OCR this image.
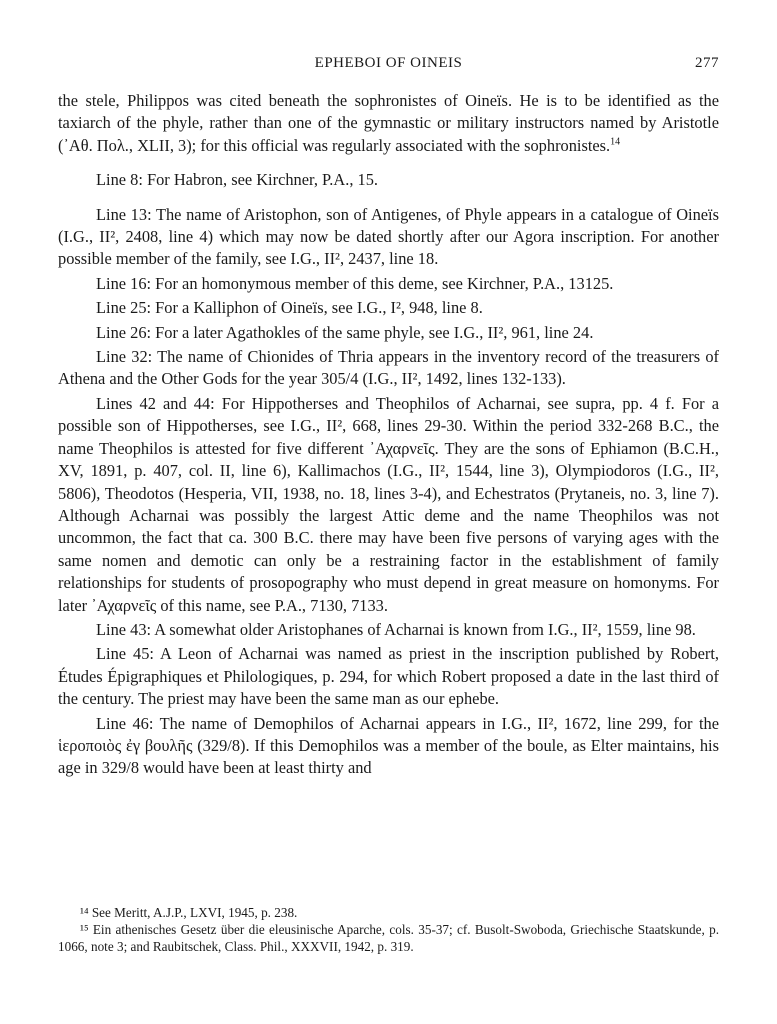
EPHEBOI OF OINEIS	277

the stele, Philippos was cited beneath the sophronistes of Oineïs. He is to be identified as the taxiarch of the phyle, rather than one of the gymnastic or military instructors named by Aristotle (᾿Αθ. Πολ., XLII, 3); for this official was regularly associated with the sophronistes.$^{14}$

Line 8: For Habron, see Kirchner, P.A., 15.

Line 13: The name of Aristophon, son of Antigenes, of Phyle appears in a catalogue of Oineïs (I.G., II², 2408, line 4) which may now be dated shortly after our Agora inscription. For another possible member of the family, see I.G., II², 2437, line 18.

Line 16: For an homonymous member of this deme, see Kirchner, P.A., 13125.

Line 25: For a Kalliphon of Oineïs, see I.G., I², 948, line 8.

Line 26: For a later Agathokles of the same phyle, see I.G., II², 961, line 24.

Line 32: The name of Chionides of Thria appears in the inventory record of the treasurers of Athena and the Other Gods for the year 305/4 (I.G., II², 1492, lines 132-133).

Lines 42 and 44: For Hippotherses and Theophilos of Acharnai, see supra, pp. 4 f. For a possible son of Hippotherses, see I.G., II², 668, lines 29-30. Within the period 332-268 B.C., the name Theophilos is attested for five different ᾿Αχαρνεῖς. They are the sons of Ephiamon (B.C.H., XV, 1891, p. 407, col. II, line 6), Kallimachos (I.G., II², 1544, line 3), Olympiodoros (I.G., II², 5806), Theodotos (Hesperia, VII, 1938, no. 18, lines 3-4), and Echestratos (Prytaneis, no. 3, line 7). Although Acharnai was possibly the largest Attic deme and the name Theophilos was not uncommon, the fact that ca. 300 B.C. there may have been five persons of varying ages with the same nomen and demotic can only be a restraining factor in the establishment of family relationships for students of prosopography who must depend in great measure on homonyms. For later ᾿Αχαρνεῖς of this name, see P.A., 7130, 7133.

Line 43: A somewhat older Aristophanes of Acharnai is known from I.G., II², 1559, line 98.

Line 45: A Leon of Acharnai was named as priest in the inscription published by Robert, Études Épigraphiques et Philologiques, p. 294, for which Robert proposed a date in the last third of the century. The priest may have been the same man as our ephebe.

Line 46: The name of Demophilos of Acharnai appears in I.G., II², 1672, line 299, for the ἱεροποιὸς ἐγ βουλῆς (329/8). If this Demophilos was a member of the boule, as Elter maintains, his age in 329/8 would have been at least thirty and

¹⁴ See Meritt, A.J.P., LXVI, 1945, p. 238.

¹⁵ Ein athenisches Gesetz über die eleusinische Aparche, cols. 35-37; cf. Busolt-Swoboda, Griechische Staatskunde, p. 1066, note 3; and Raubitschek, Class. Phil., XXXVII, 1942, p. 319.
